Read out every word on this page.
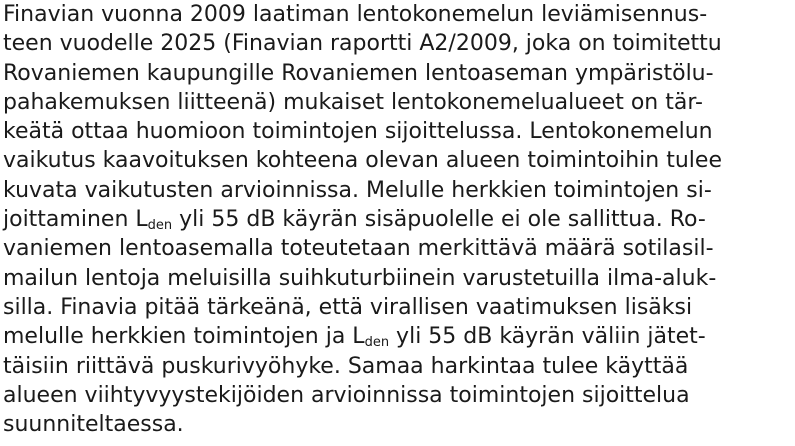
Finavian vuonna 2009 laatiman lentokonemelun leviämisennus-
teen vuodelle 2025 (Finavian raportti A2/2009, joka on toimitettu
Rovaniemen kaupungille Rovaniemen lentoaseman ympäristölu-
pahakemuksen liitteenä) mukaiset lentokonemelualueet on tär-
keätä ottaa huomioon toimintojen sijoittelussa. Lentokonemelun
vaikutus kaavoituksen kohteena olevan alueen toimintoihin tulee
kuvata vaikutusten arvioinnissa. Melulle herkkien toimintojen si-
joittaminen Lden yli 55 dB käyrän sisäpuolelle ei ole sallittua. Ro-
vaniemen lentoasemalla toteutetaan merkittävä määrä sotilasil-
mailun lentoja meluisilla suihkuturbiinein varustetuilla ilma-aluk-
silla. Finavia pitää tärkeänä, että virallisen vaatimuksen lisäksi
melulle herkkien toimintojen ja Lden yli 55 dB käyrän väliin jätet-
täisiin riittävä puskurivyöhyke. Samaa harkintaa tulee käyttää
alueen viihtyvyystekijöiden arvioinnissa toimintojen sijoittelua
suunniteltaessa.
